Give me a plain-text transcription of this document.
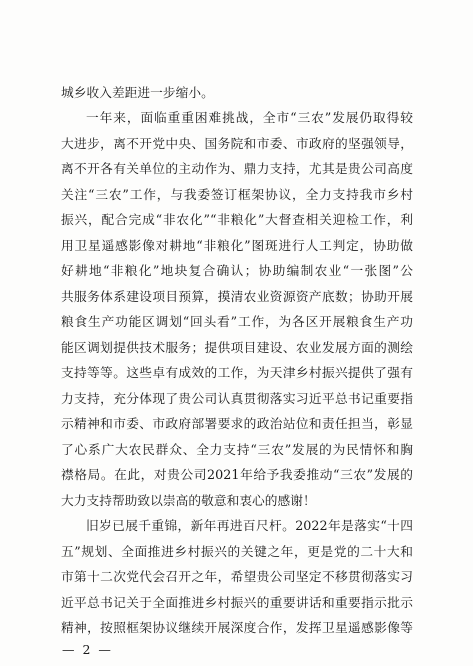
城乡收入差距进一步缩小。
一年来，面临重重困难挑战，全市“三农”发展仍取得较
大进步，离不开党中央、国务院和市委、市政府的坚强领导，
离不开各有关单位的主动作为、鼎力支持，尤其是贵公司高度
关注“三农”工作，与我委签订框架协议，全力支持我市乡村
振兴，配合完成“非农化”“非粮化”大督查相关迎检工作，利
用卫星遥感影像对耕地“非粮化”图斑进行人工判定，协助做
好耕地“非粮化”地块复合确认；协助编制农业“一张图”公
共服务体系建设项目预算，摸清农业资源资产底数；协助开展
粮食生产功能区调划“回头看”工作，为各区开展粮食生产功
能区调划提供技术服务；提供项目建设、农业发展方面的测绘
支持等等。这些卓有成效的工作，为天津乡村振兴提供了强有
力支持，充分体现了贵公司认真贯彻落实习近平总书记重要指
示精神和市委、市政府部署要求的政治站位和责任担当，彰显
了心系广大农民群众、全力支持“三农”发展的为民情怀和胸
襟格局。在此，对贵公司2021年给予我委推动“三农”发展的
大力支持帮助致以崇高的敬意和衷心的感谢！
旧岁已展千重锦，新年再进百尺杆。2022年是落实“十四
五”规划、全面推进乡村振兴的关键之年，更是党的二十大和
市第十二次党代会召开之年，希望贵公司坚定不移贯彻落实习
近平总书记关于全面推进乡村振兴的重要讲话和重要指示批示
精神，按照框架协议继续开展深度合作，发挥卫星遥感影像等
— 2 —
